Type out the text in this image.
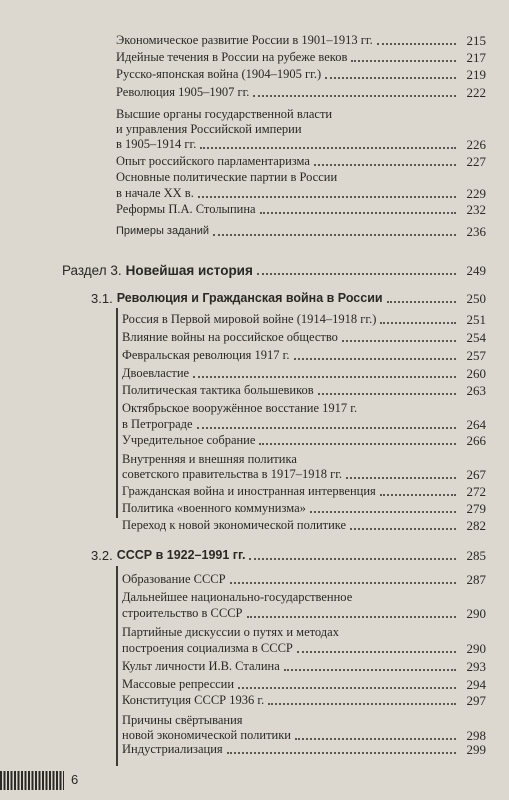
Экономическое развитие России в 1901–1913 гг.	215
Идейные течения в России на рубеже веков	217
Русско-японская война (1904–1905 гг.)	219
Революция 1905–1907 гг.	222
Высшие органы государственной власти
и управления Российской империи
в 1905–1914 гг.	226
Опыт российского парламентаризма	227
Основные политические партии в России
в начале XX в.	229
Реформы П.А. Столыпина	232
Примеры заданий	236
Раздел 3. Новейшая история	249
3.1. Революция и Гражданская война в России	250
Россия в Первой мировой войне (1914–1918 гг.)	251
Влияние войны на российское общество	254
Февральская революция 1917 г.	257
Двоевластие	260
Политическая тактика большевиков	263
Октябрьское вооружённое восстание 1917 г.
в Петрограде	264
Учредительное собрание	266
Внутренняя и внешняя политика
советского правительства в 1917–1918 гг.	267
Гражданская война и иностранная интервенция	272
Политика «военного коммунизма»	279
Переход к новой экономической политике	282
3.2. СССР в 1922–1991 гг.	285
Образование СССР	287
Дальнейшее национально-государственное
строительство в СССР	290
Партийные дискуссии о путях и методах
построения социализма в СССР	290
Культ личности И.В. Сталина	293
Массовые репрессии	294
Конституция СССР 1936 г.	297
Причины свёртывания
новой экономической политики	298
Индустриализация	299
6
